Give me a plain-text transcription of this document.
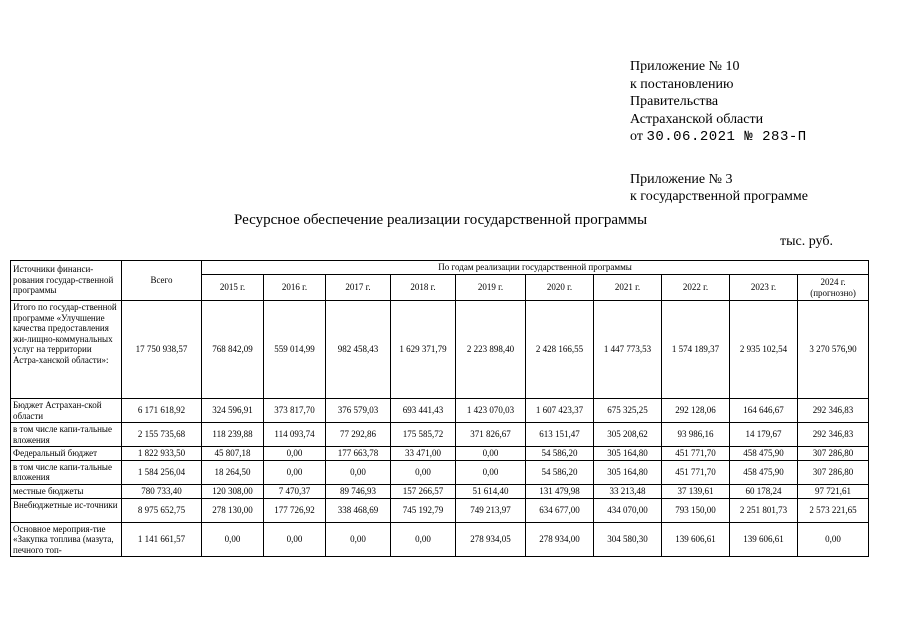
Приложение № 10
к постановлению
Правительства
Астраханской области
от 30.06.2021 № 283-П
Приложение № 3
к государственной программе
Ресурсное обеспечение реализации государственной программы
тыс. руб.
Источники финанси-рования государ-ственной программы	Всего	По годам реализации государственной программы									
		2015 г.	2016 г.	2017 г.	2018 г.	2019 г.	2020 г.	2021 г.	2022 г.	2023 г.	2024 г. (прогнозно)
Итого по государ-ственной программе «Улучшение качества предоставления жи-лищно-коммунальных услуг на территории Астра-ханской области»:	17 750 938,57	768 842,09	559 014,99	982 458,43	1 629 371,79	2 223 898,40	2 428 166,55	1 447 773,53	1 574 189,37	2 935 102,54	3 270 576,90
Бюджет Астрахан-ской области	6 171 618,92	324 596,91	373 817,70	376 579,03	693 441,43	1 423 070,03	1 607 423,37	675 325,25	292 128,06	164 646,67	292 346,83
в том числе капи-тальные вложения	2 155 735,68	118 239,88	114 093,74	77 292,86	175 585,72	371 826,67	613 151,47	305 208,62	93 986,16	14 179,67	292 346,83
Федеральный бюджет	1 822 933,50	45 807,18	0,00	177 663,78	33 471,00	0,00	54 586,20	305 164,80	451 771,70	458 475,90	307 286,80
в том числе капи-тальные вложения	1 584 256,04	18 264,50	0,00	0,00	0,00	0,00	54 586,20	305 164,80	451 771,70	458 475,90	307 286,80
местные бюджеты	780 733,40	120 308,00	7 470,37	89 746,93	157 266,57	51 614,40	131 479,98	33 213,48	37 139,61	60 178,24	97 721,61
Внебюджетные ис-точники	8 975 652,75	278 130,00	177 726,92	338 468,69	745 192,79	749 213,97	634 677,00	434 070,00	793 150,00	2 251 801,73	2 573 221,65
Основное мероприя-тие «Закупка топлива (мазута, печного топ-	1 141 661,57	0,00	0,00	0,00	0,00	278 934,05	278 934,00	304 580,30	139 606,61	139 606,61	0,00
